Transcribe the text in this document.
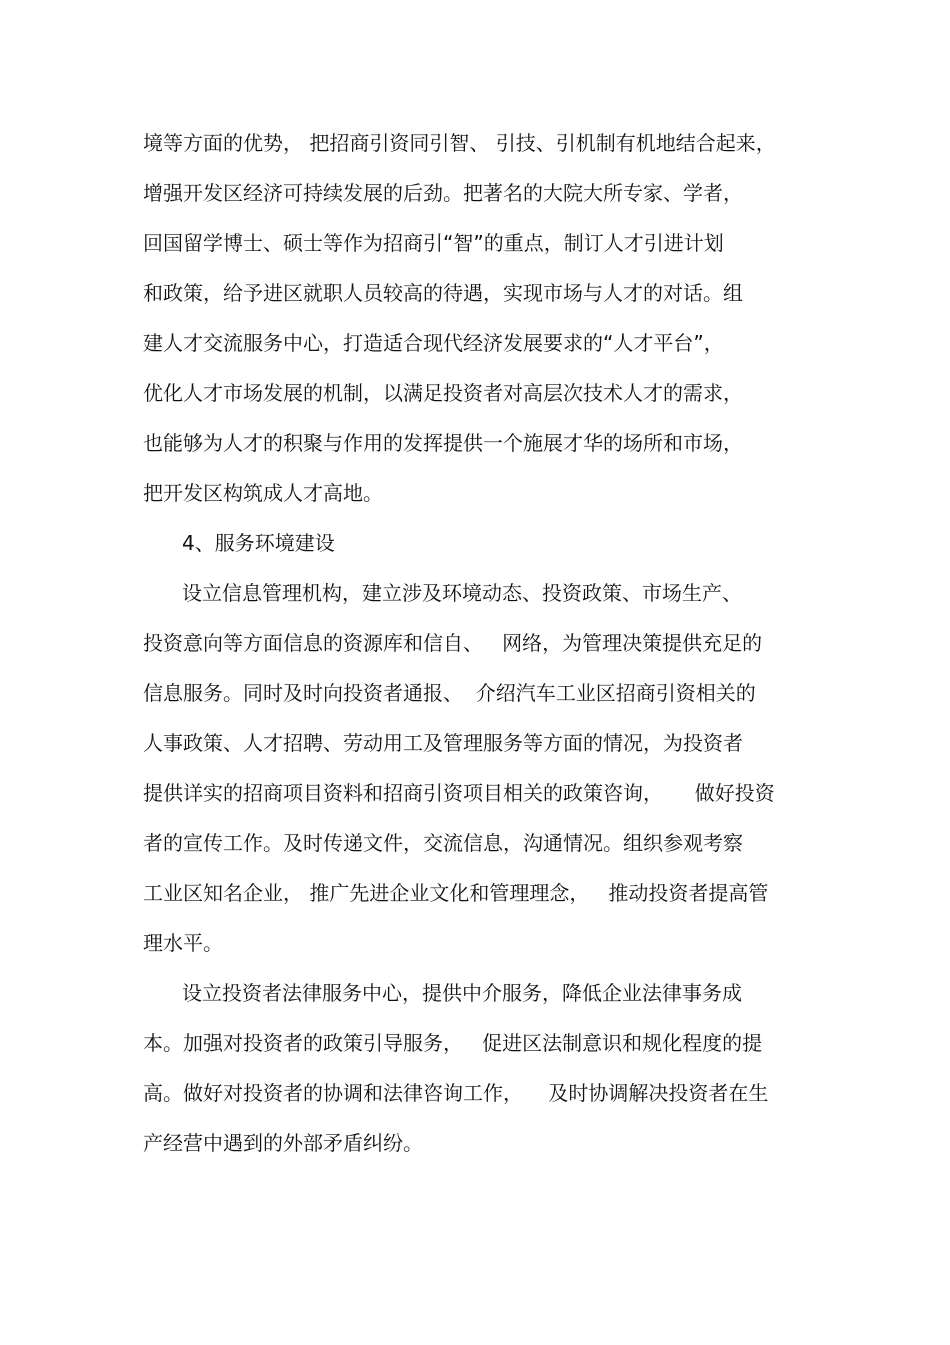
境等方面的优势， 把招商引资同引智、 引技、引机制有机地结合起来，
增强开发区经济可持续发展的后劲。把著名的大院大所专家、学者，
回国留学博士、硕士等作为招商引“智”的重点，制订人才引进计划
和政策，给予进区就职人员较高的待遇，实现市场与人才的对话。组
建人才交流服务中心，打造适合现代经济发展要求的“人才平台”，
优化人才市场发展的机制，以满足投资者对高层次技术人才的需求，
也能够为人才的积聚与作用的发挥提供一个施展才华的场所和市场，
把开发区构筑成人才高地。
4、服务环境建设
设立信息管理机构，建立涉及环境动态、投资政策、市场生产、
投资意向等方面信息的资源库和信自、   网络，为管理决策提供充足的
信息服务。同时及时向投资者通报、  介绍汽车工业区招商引资相关的
人事政策、人才招聘、劳动用工及管理服务等方面的情况，为投资者
提供详实的招商项目资料和招商引资项目相关的政策咨询，     做好投资
者的宣传工作。及时传递文件，交流信息，沟通情况。组织参观考察
工业区知名企业， 推广先进企业文化和管理理念，   推动投资者提高管
理水平。
设立投资者法律服务中心，提供中介服务，降低企业法律事务成
本。加强对投资者的政策引导服务，   促进区法制意识和规化程度的提
高。做好对投资者的协调和法律咨询工作，    及时协调解决投资者在生
产经营中遇到的外部矛盾纠纷。
